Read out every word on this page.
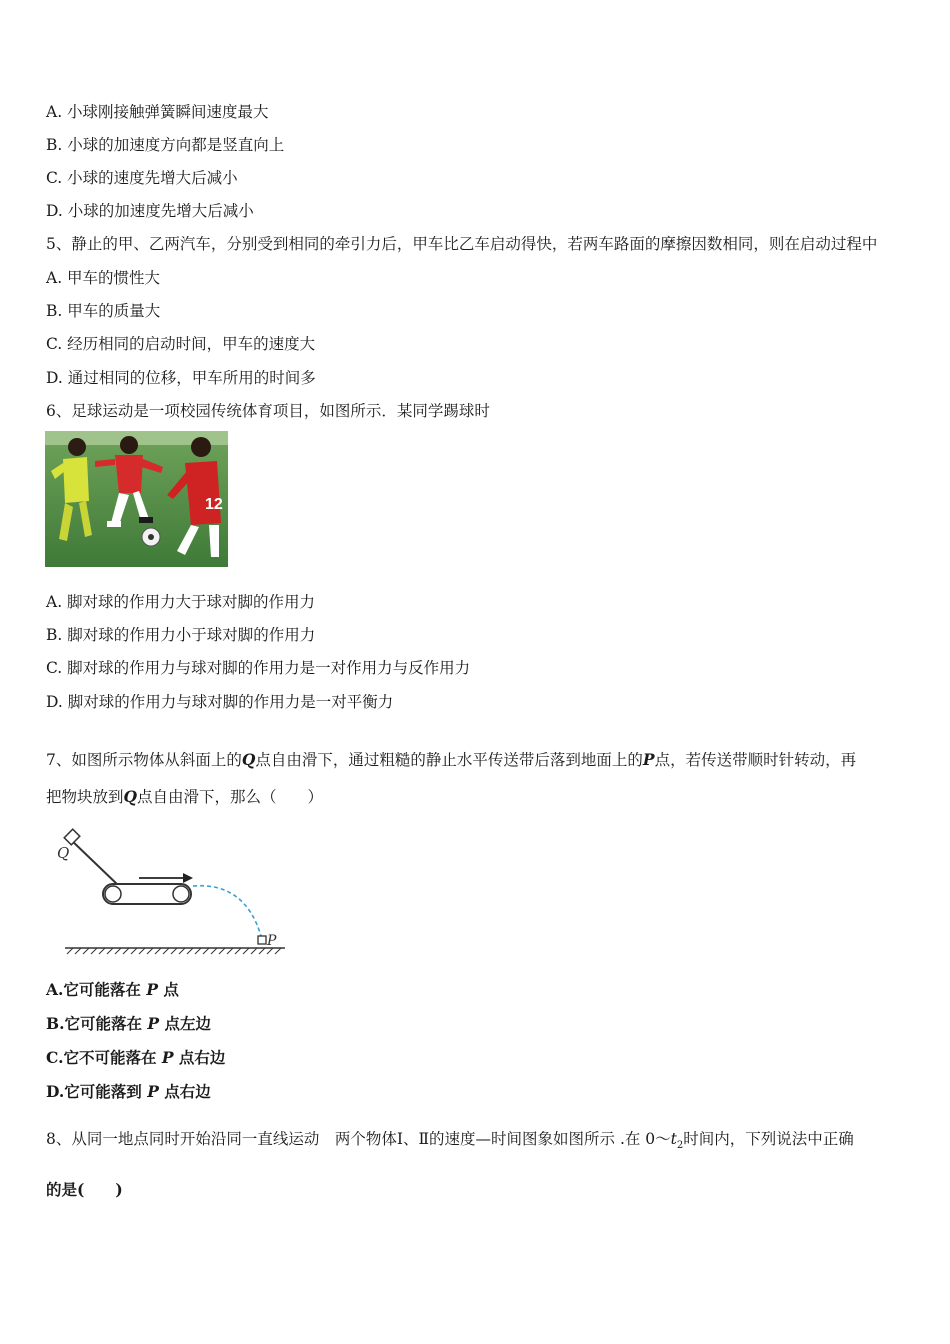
A. 小球刚接触弹簧瞬间速度最大
B. 小球的加速度方向都是竖直向上
C. 小球的速度先增大后减小
D. 小球的加速度先增大后减小
5、静止的甲、乙两汽车，分别受到相同的牵引力后，甲车比乙车启动得快，若两车路面的摩擦因数相同，则在启动过程中
A. 甲车的惯性大
B. 甲车的质量大
C. 经历相同的启动时间，甲车的速度大
D. 通过相同的位移，甲车所用的时间多
6、足球运动是一项校园传统体育项目，如图所示．某同学踢球时
12
A. 脚对球的作用力大于球对脚的作用力
B. 脚对球的作用力小于球对脚的作用力
C. 脚对球的作用力与球对脚的作用力是一对作用力与反作用力
D. 脚对球的作用力与球对脚的作用力是一对平衡力
7、如图所示物体从斜面上的Q点自由滑下，通过粗糙的静止水平传送带后落到地面上的P点，若传送带顺时针转动，再
把物块放到Q点自由滑下，那么（　　）
Q
P
A.它可能落在 P 点
B.它可能落在 P 点左边
C.它不可能落在 P 点右边
D.它可能落到 P 点右边
8、从同一地点同时开始沿同一直线运动　两个物体Ⅰ、Ⅱ的速度—时间图象如图所示 .在 $0\sim t_2$时间内，下列说法中正确
的是(　　)
